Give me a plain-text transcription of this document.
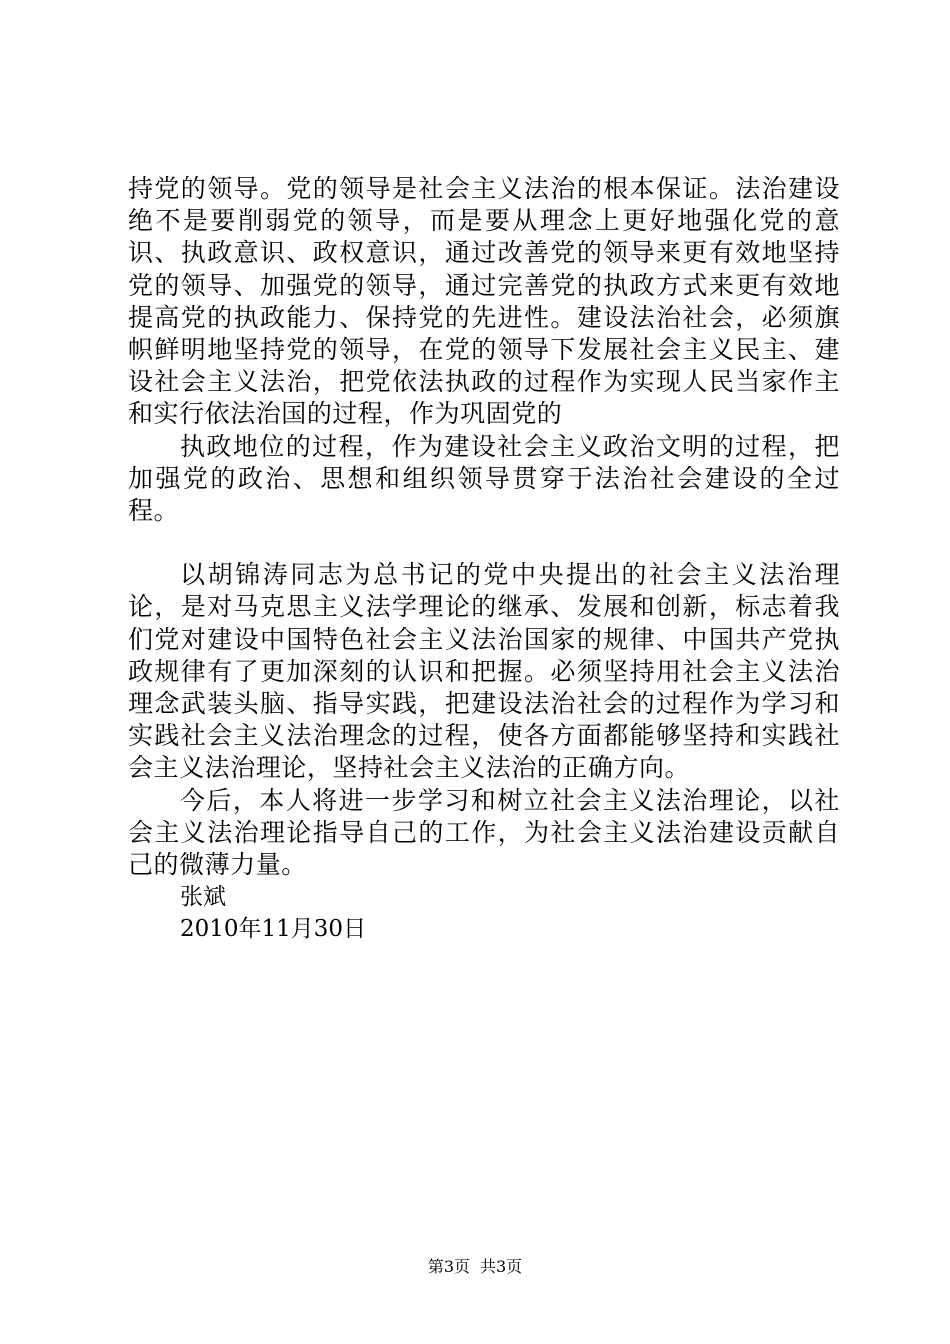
持党的领导。党的领导是社会主义法治的根本保证。法治建设绝不是要削弱党的领导，而是要从理念上更好地强化党的意识、执政意识、政权意识，通过改善党的领导来更有效地坚持党的领导、加强党的领导，通过完善党的执政方式来更有效地提高党的执政能力、保持党的先进性。建设法治社会，必须旗帜鲜明地坚持党的领导，在党的领导下发展社会主义民主、建设社会主义法治，把党依法执政的过程作为实现人民当家作主和实行依法治国的过程，作为巩固党的

执政地位的过程，作为建设社会主义政治文明的过程，把加强党的政治、思想和组织领导贯穿于法治社会建设的全过程。

以胡锦涛同志为总书记的党中央提出的社会主义法治理论，是对马克思主义法学理论的继承、发展和创新，标志着我们党对建设中国特色社会主义法治国家的规律、中国共产党执政规律有了更加深刻的认识和把握。必须坚持用社会主义法治理念武装头脑、指导实践，把建设法治社会的过程作为学习和实践社会主义法治理念的过程，使各方面都能够坚持和实践社会主义法治理论，坚持社会主义法治的正确方向。

今后，本人将进一步学习和树立社会主义法治理论，以社会主义法治理论指导自己的工作，为社会主义法治建设贡献自己的微薄力量。

张斌

2010年11月30日

第3页 共3页
